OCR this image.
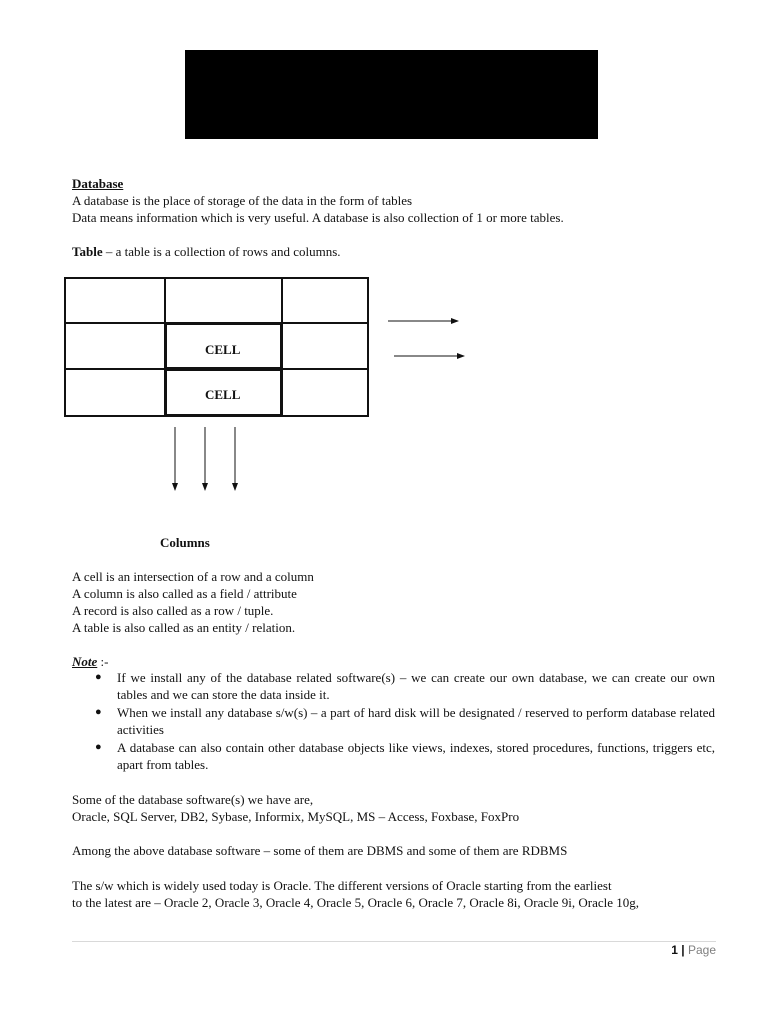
Database
A database is the place of storage of the data in the form of tables
Data means information which is very useful. A database is also collection of 1 or more tables.
Table – a table is a collection of rows and columns.
CELL
CELL
Columns
A cell is an intersection of a row and a column
A column is also called as a field / attribute
A record is also called as a row / tuple.
A table is also called as an entity / relation.
Note :-
● If we install any of the database related software(s) – we can create our own database, we can create our own tables and we can store the data inside it.
● When we install any database s/w(s) – a part of hard disk will be designated / reserved to perform database related activities
● A database can also contain other database objects like views, indexes, stored procedures, functions, triggers etc, apart from tables.
Some of the database software(s) we have are,
Oracle, SQL Server, DB2, Sybase, Informix, MySQL, MS – Access, Foxbase, FoxPro
Among the above database software – some of them are DBMS and some of them are RDBMS
The s/w which is widely used today is Oracle. The different versions of Oracle starting from the earliest
to the latest are – Oracle 2, Oracle 3, Oracle 4, Oracle 5, Oracle 6, Oracle 7, Oracle 8i, Oracle 9i, Oracle 10g,
1 | Page
